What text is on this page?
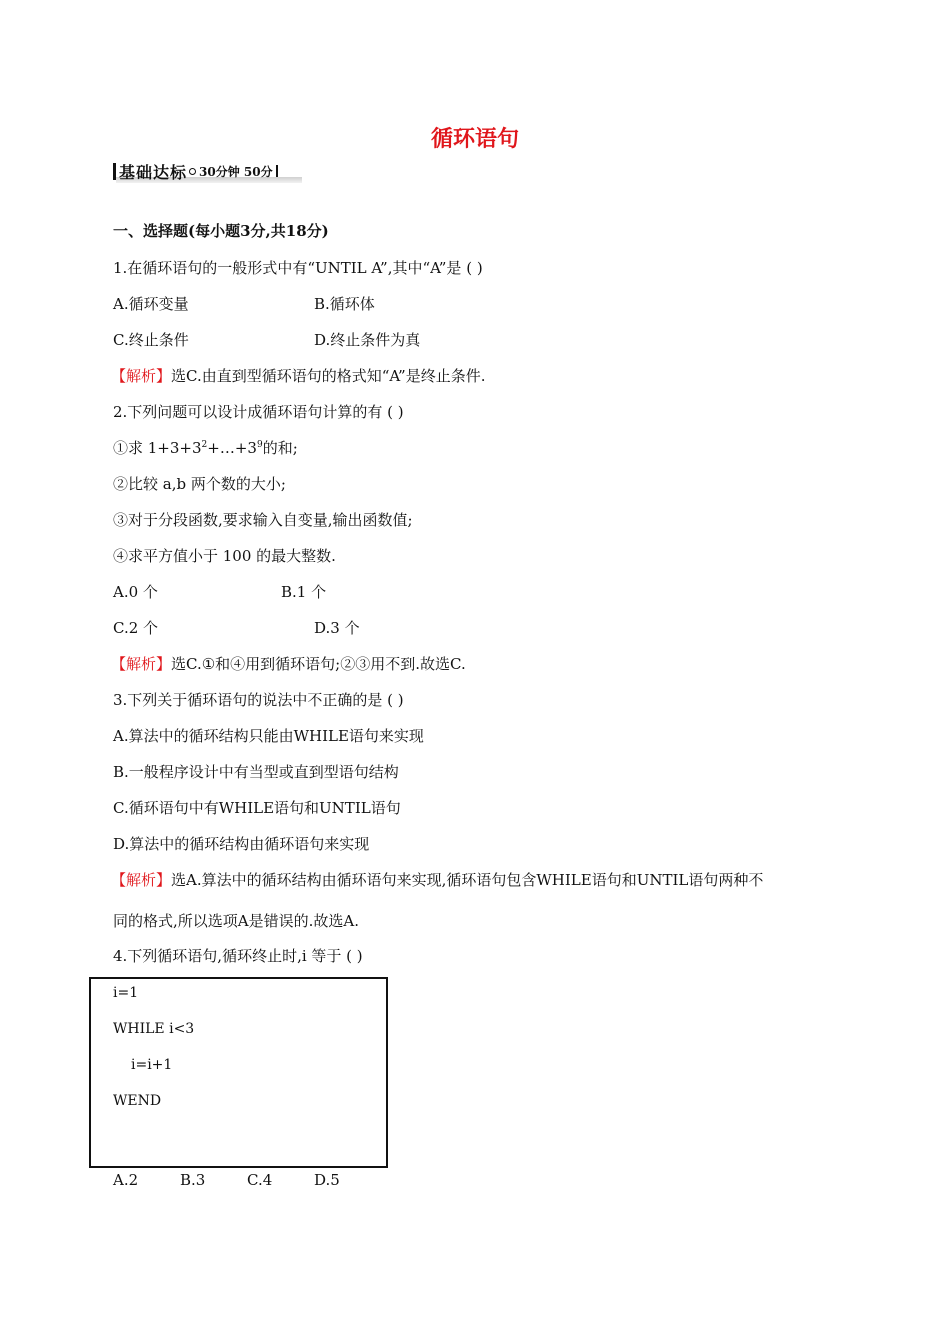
循环语句
基础达标 30分钟 50分
一、选择题(每小题3分,共18分)
1.在循环语句的一般形式中有“UNTIL A”,其中“A”是 ( )
A.循环变量	B.循环体
C.终止条件	D.终止条件为真
【解析】选C.由直到型循环语句的格式知“A”是终止条件.
2.下列问题可以设计成循环语句计算的有 ( )
①求 $1+3+3^2+\dots+3^9$的和;
②比较 a,b 两个数的大小;
③对于分段函数,要求输入自变量,输出函数值;
④求平方值小于 100 的最大整数.
A.0 个	B.1 个
C.2 个	D.3 个
【解析】选C.①和④用到循环语句;②③用不到.故选C.
3.下列关于循环语句的说法中不正确的是 ( )
A.算法中的循环结构只能由WHILE语句来实现
B.一般程序设计中有当型或直到型语句结构
C.循环语句中有WHILE语句和UNTIL语句
D.算法中的循环结构由循环语句来实现
【解析】选A.算法中的循环结构由循环语句来实现,循环语句包含WHILE语句和UNTIL语句两种不
同的格式,所以选项A是错误的.故选A.
4.下列循环语句,循环终止时,i 等于 ( )
i=1
WHILE i<3
i=i+1
WEND
A.2	B.3	C.4	D.5
